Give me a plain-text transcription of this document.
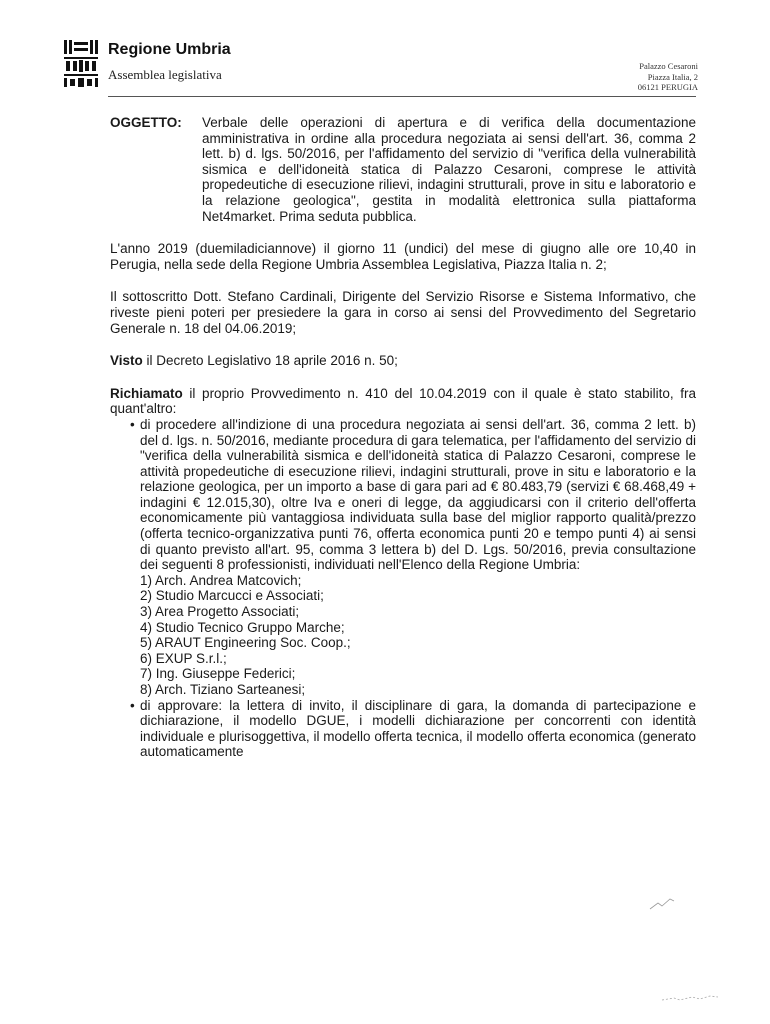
Regione Umbria
Assemblea legislativa
Palazzo Cesaroni
Piazza Italia, 2
06121 PERUGIA
OGGETTO:	Verbale delle operazioni di apertura e di verifica della documentazione amministrativa in ordine alla procedura negoziata ai sensi dell'art. 36, comma 2 lett. b) d. lgs. 50/2016, per l'affidamento del servizio di "verifica della vulnerabilità sismica e dell'idoneità statica di Palazzo Cesaroni, comprese le attività propedeutiche di esecuzione rilievi, indagini strutturali, prove in situ e laboratorio e la relazione geologica", gestita in modalità elettronica sulla piattaforma Net4market. Prima seduta pubblica.

L'anno 2019 (duemiladiciannove) il giorno 11 (undici) del mese di giugno alle ore 10,40 in Perugia, nella sede della Regione Umbria Assemblea Legislativa, Piazza Italia n. 2;

Il sottoscritto Dott. Stefano Cardinali, Dirigente del Servizio Risorse e Sistema Informativo, che riveste pieni poteri per presiedere la gara in corso ai sensi del Provvedimento del Segretario Generale n. 18 del 04.06.2019;

Visto il Decreto Legislativo 18 aprile 2016 n. 50;

Richiamato il proprio Provvedimento n. 410 del 10.04.2019 con il quale è stato stabilito, fra quant'altro:

• di procedere all'indizione di una procedura negoziata ai sensi dell'art. 36, comma 2 lett. b) del d. lgs. n. 50/2016, mediante procedura di gara telematica, per l'affidamento del servizio di "verifica della vulnerabilità sismica e dell'idoneità statica di Palazzo Cesaroni, comprese le attività propedeutiche di esecuzione rilievi, indagini strutturali, prove in situ e laboratorio e la relazione geologica, per un importo a base di gara pari ad € 80.483,79 (servizi € 68.468,49 + indagini € 12.015,30), oltre Iva e oneri di legge, da aggiudicarsi con il criterio dell'offerta economicamente più vantaggiosa individuata sulla base del miglior rapporto qualità/prezzo (offerta tecnico-organizzativa punti 76, offerta economica punti 20 e tempo punti 4) ai sensi di quanto previsto all'art. 95, comma 3 lettera b) del D. Lgs. 50/2016, previa consultazione dei seguenti 8 professionisti, individuati nell'Elenco della Regione Umbria:
1) Arch. Andrea Matcovich;
2) Studio Marcucci e Associati;
3) Area Progetto Associati;
4) Studio Tecnico Gruppo Marche;
5) ARAUT Engineering Soc. Coop.;
6) EXUP S.r.l.;
7) Ing. Giuseppe Federici;
8) Arch. Tiziano Sarteanesi;
• di approvare: la lettera di invito, il disciplinare di gara, la domanda di partecipazione e dichiarazione, il modello DGUE, i modelli dichiarazione per concorrenti con identità individuale e plurisoggettiva, il modello offerta tecnica, il modello offerta economica (generato automaticamente
